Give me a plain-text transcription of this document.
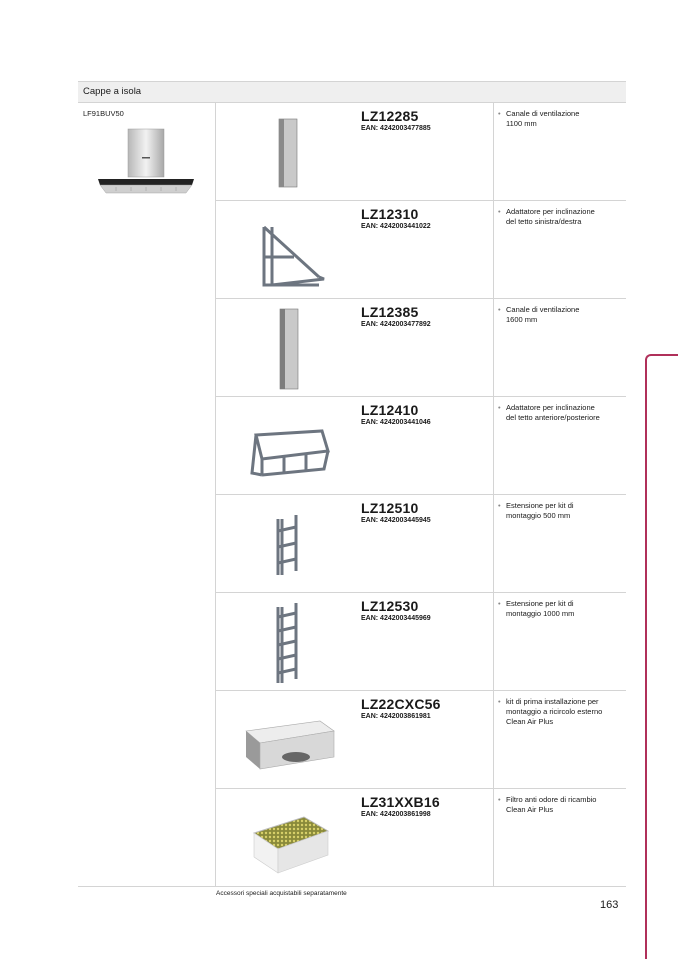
Cappe a isola
LF91BUV50	LZ12285
EAN: 4242003477885
• Canale di ventilazione
1100 mm
LZ12310
EAN: 4242003441022
• Adattatore per inclinazione
del tetto sinistra/destra
LZ12385
EAN: 4242003477892
• Canale di ventilazione
1600 mm
LZ12410
EAN: 4242003441046
• Adattatore per inclinazione
del tetto anteriore/posteriore
LZ12510
EAN: 4242003445945
• Estensione per kit di
montaggio 500 mm
LZ12530
EAN: 4242003445969
• Estensione per kit di
montaggio 1000 mm
LZ22CXC56
EAN: 4242003861981
• kit di prima installazione per
montaggio a ricircolo esterno
Clean Air Plus
LZ31XXB16
EAN: 4242003861998
• Filtro anti odore di ricambio
Clean Air Plus
Accessori speciali acquistabili separatamente
163
